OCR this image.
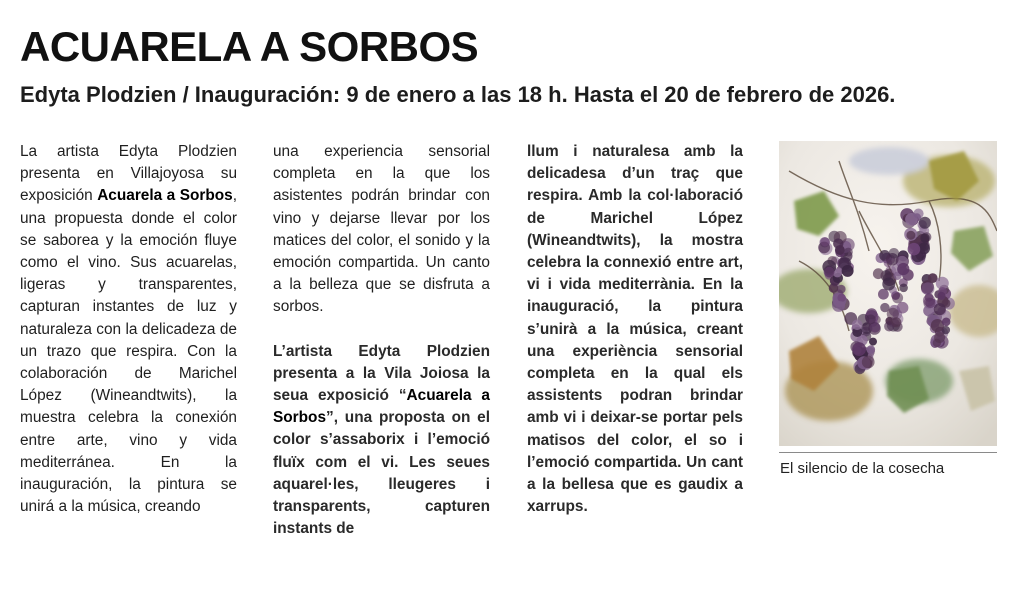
ACUARELA A SORBOS
Edyta Plodzien / Inauguración: 9 de enero a las 18 h. Hasta el 20 de febrero de 2026.

La artista Edyta Plodzien presenta en Villajoyosa su exposición Acuarela a Sorbos, una propuesta donde el color se saborea y la emoción fluye como el vino. Sus acuarelas, ligeras y transparentes, capturan instantes de luz y naturaleza con la delicadeza de un trazo que respira. Con la colaboración de Marichel López (Wineandtwits), la muestra celebra la conexión entre arte, vino y vida mediterránea. En la inauguración, la pintura se unirá a la música, creando

una experiencia sensorial completa en la que los asistentes podrán brindar con vino y dejarse llevar por los matices del color, el sonido y la emoción compartida. Un canto a la belleza que se disfruta a sorbos.

L’artista Edyta Plodzien presenta a la Vila Joiosa la seua exposició “Acuarela a Sorbos”, una proposta on el color s’assaborix i l’emoció fluïx com el vi. Les seues aquarel·les, lleugeres i transparents, capturen instants de

llum i naturalesa amb la delicadesa d’un traç que respira. Amb la col·laboració de Marichel López (Wineandtwits), la mostra celebra la connexió entre art, vi i vida mediterrània. En la inauguració, la pintura s’unirà a la música, creant una experiència sensorial completa en la qual els assistents podran brindar amb vi i deixar-se portar pels matisos del color, el so i l’emoció compartida. Un cant a la bellesa que es gaudix a xarrups.

El silencio de la cosecha
